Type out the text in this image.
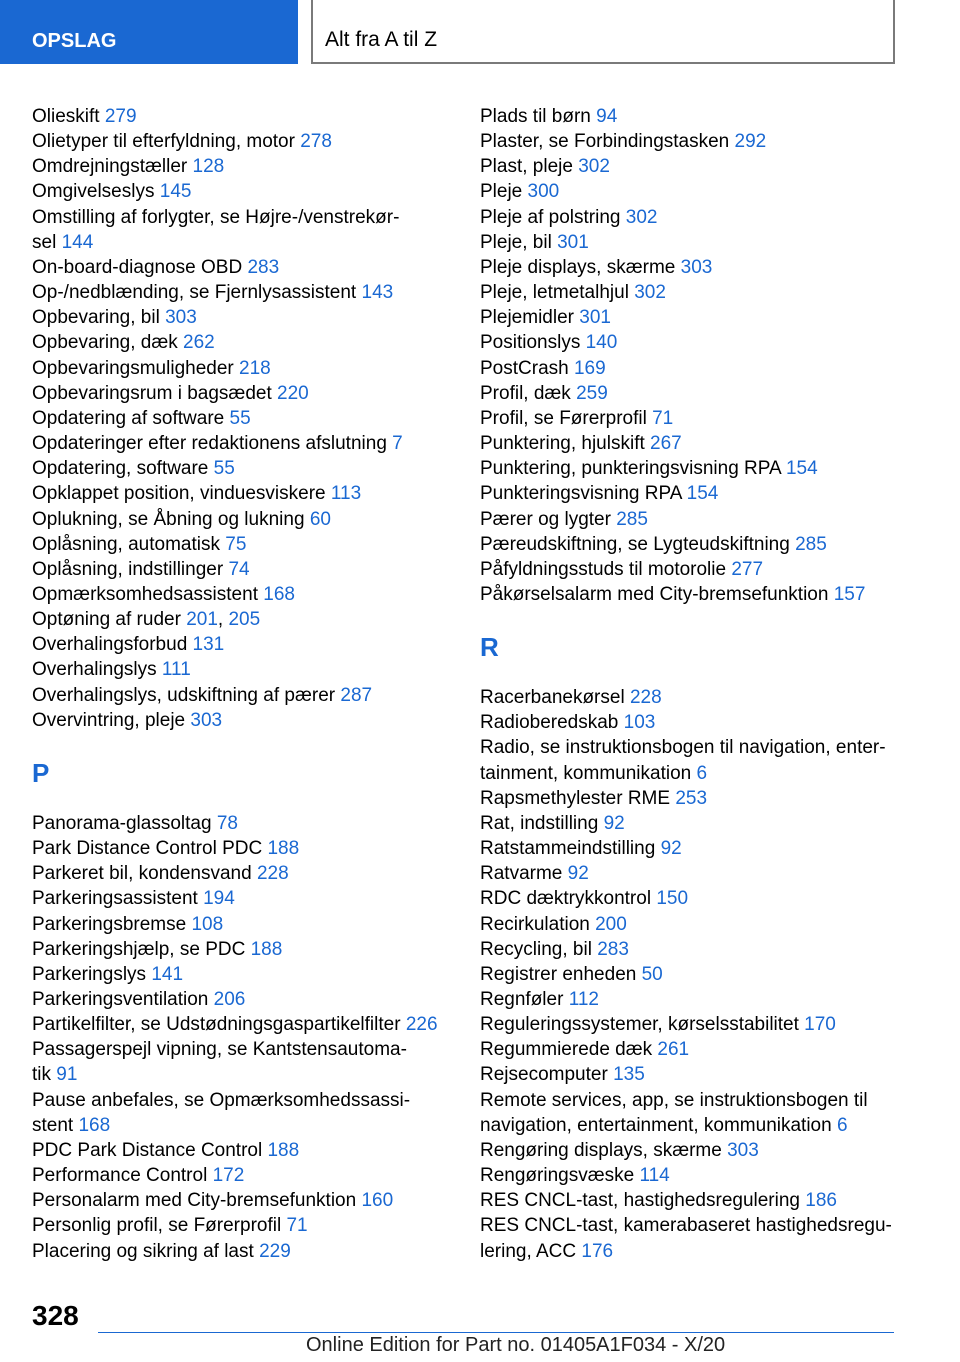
OPSLAG	Alt fra A til Z
Olieskift 279
Olietyper til efterfyldning, motor 278
Omdrejningstæller 128
Omgivelseslys 145
Omstilling af forlygter, se Højre-/venstrekør-
sel 144
On-board-diagnose OBD 283
Op-/nedblænding, se Fjernlysassistent 143
Opbevaring, bil 303
Opbevaring, dæk 262
Opbevaringsmuligheder 218
Opbevaringsrum i bagsædet 220
Opdatering af software 55
Opdateringer efter redaktionens afslutning 7
Opdatering, software 55
Opklappet position, vinduesviskere 113
Oplukning, se Åbning og lukning 60
Oplåsning, automatisk 75
Oplåsning, indstillinger 74
Opmærksomhedsassistent 168
Optøning af ruder 201, 205
Overhalingsforbud 131
Overhalingslys 111
Overhalingslys, udskiftning af pærer 287
Overvintring, pleje 303
P
Panorama-glassoltag 78
Park Distance Control PDC 188
Parkeret bil, kondensvand 228
Parkeringsassistent 194
Parkeringsbremse 108
Parkeringshjælp, se PDC 188
Parkeringslys 141
Parkeringsventilation 206
Partikelfilter, se Udstødningsgaspartikelfilter 226
Passagerspejl vipning, se Kantstensautoma-
tik 91
Pause anbefales, se Opmærksomhedssassi-
stent 168
PDC Park Distance Control 188
Performance Control 172
Personalarm med City-bremsefunktion 160
Personlig profil, se Førerprofil 71
Placering og sikring af last 229
Plads til børn 94
Plaster, se Forbindingstasken 292
Plast, pleje 302
Pleje 300
Pleje af polstring 302
Pleje, bil 301
Pleje displays, skærme 303
Pleje, letmetalhjul 302
Plejemidler 301
Positionslys 140
PostCrash 169
Profil, dæk 259
Profil, se Førerprofil 71
Punktering, hjulskift 267
Punktering, punkteringsvisning RPA 154
Punkteringsvisning RPA 154
Pærer og lygter 285
Pæreudskiftning, se Lygteudskiftning 285
Påfyldningsstuds til motorolie 277
Påkørselsalarm med City-bremsefunktion 157
R
Racerbanekørsel 228
Radioberedskab 103
Radio, se instruktionsbogen til navigation, enter-
tainment, kommunikation 6
Rapsmethylester RME 253
Rat, indstilling 92
Ratstammeindstilling 92
Ratvarme 92
RDC dæktrykkontrol 150
Recirkulation 200
Recycling, bil 283
Registrer enheden 50
Regnføler 112
Reguleringssystemer, kørselsstabilitet 170
Regummierede dæk 261
Rejsecomputer 135
Remote services, app, se instruktionsbogen til
navigation, entertainment, kommunikation 6
Rengøring displays, skærme 303
Rengøringsvæske 114
RES CNCL-tast, hastighedsregulering 186
RES CNCL-tast, kamerabaseret hastighedsregu-
lering, ACC 176
328
Online Edition for Part no. 01405A1F034 - X/20
